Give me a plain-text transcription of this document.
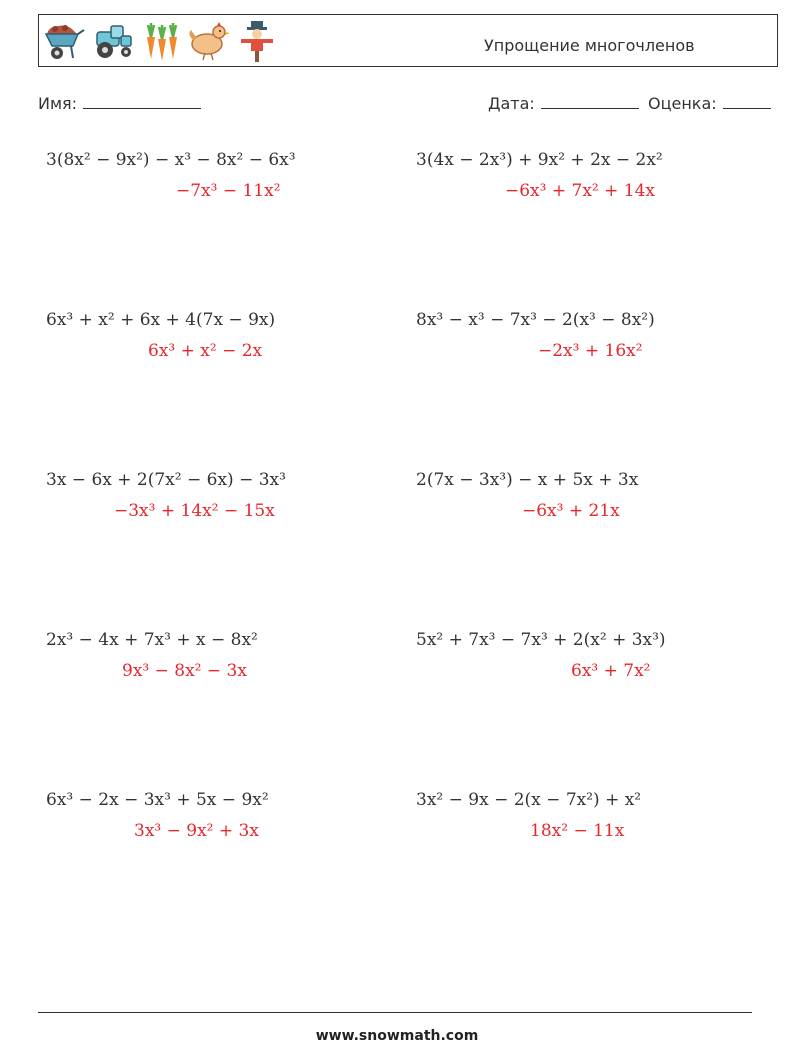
Упрощение многочленов
Имя:	Дата:	Оценка:
3(8x² − 9x²) − x³ − 8x² − 6x³
−7x³ − 11x²
3(4x − 2x³) + 9x² + 2x − 2x²
−6x³ + 7x² + 14x
6x³ + x² + 6x + 4(7x − 9x)
6x³ + x² − 2x
8x³ − x³ − 7x³ − 2(x³ − 8x²)
−2x³ + 16x²
3x − 6x + 2(7x² − 6x) − 3x³
−3x³ + 14x² − 15x
2(7x − 3x³) − x + 5x + 3x
−6x³ + 21x
2x³ − 4x + 7x³ + x − 8x²
9x³ − 8x² − 3x
5x² + 7x³ − 7x³ + 2(x² + 3x³)
6x³ + 7x²
6x³ − 2x − 3x³ + 5x − 9x²
3x³ − 9x² + 3x
3x² − 9x − 2(x − 7x²) + x²
18x² − 11x
www.snowmath.com
